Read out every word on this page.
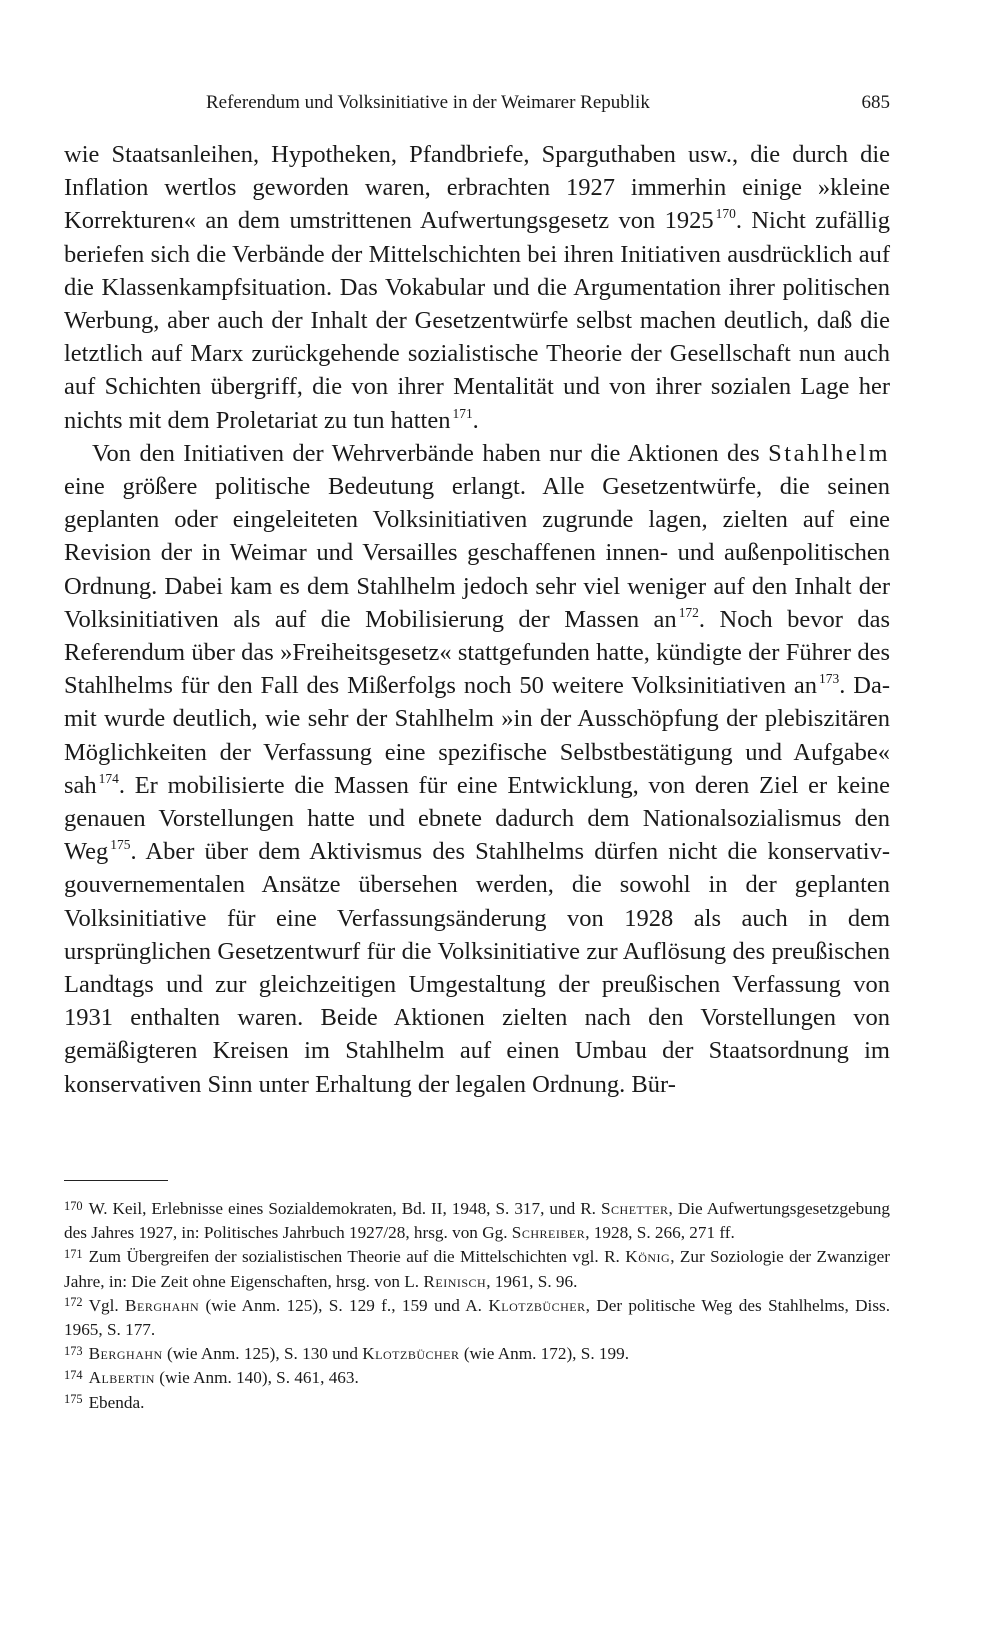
Referendum und Volksinitiative in der Weimarer Republik	685

wie Staatsanleihen, Hypotheken, Pfandbriefe, Sparguthaben usw., die durch die Inflation wertlos geworden waren, erbrachten 1927 immerhin einige »kleine Korrekturen« an dem umstrittenen Aufwertungsgesetz von 1925 $^{170}$. Nicht zufällig beriefen sich die Verbände der Mittelschichten bei ihren Initiativen ausdrücklich auf die Klassenkampfsituation. Das Vokabular und die Argumentation ihrer politischen Werbung, aber auch der Inhalt der Gesetzentwürfe selbst machen deutlich, daß die letztlich auf Marx zurückgehende sozialistische Theorie der Gesellschaft nun auch auf Schichten übergriff, die von ihrer Mentalität und von ihrer sozialen Lage her nichts mit dem Proletariat zu tun hatten $^{171}$.

Von den Initiativen der Wehrverbände haben nur die Aktionen des Stahlhelm eine größere politische Bedeutung erlangt. Alle Gesetzentwürfe, die seinen geplanten oder eingeleiteten Volksinitiativen zugrunde lagen, zielten auf eine Revision der in Weimar und Versailles geschaffenen innen- und außenpolitischen Ordnung. Dabei kam es dem Stahlhelm jedoch sehr viel weniger auf den Inhalt der Volksinitiativen als auf die Mobilisierung der Massen an $^{172}$. Noch bevor das Referendum über das »Freiheitsgesetz« stattgefunden hatte, kündigte der Führer des Stahlhelms für den Fall des Mißerfolgs noch 50 weitere Volksinitiativen an $^{173}$. Damit wurde deutlich, wie sehr der Stahlhelm »in der Ausschöpfung der plebiszitären Möglichkeiten der Verfassung eine spezifische Selbstbestätigung und Aufgabe« sah $^{174}$. Er mobilisierte die Massen für eine Entwicklung, von deren Ziel er keine genauen Vorstellungen hatte und ebnete dadurch dem Nationalsozialismus den Weg $^{175}$. Aber über dem Aktivismus des Stahlhelms dürfen nicht die konservativ-gouvernementalen Ansätze übersehen werden, die sowohl in der geplanten Volksinitiative für eine Verfassungsänderung von 1928 als auch in dem ursprünglichen Gesetzentwurf für die Volksinitiative zur Auflösung des preußischen Landtags und zur gleichzeitigen Umgestaltung der preußischen Verfassung von 1931 enthalten waren. Beide Aktionen zielten nach den Vorstellungen von gemäßigteren Kreisen im Stahlhelm auf einen Umbau der Staatsordnung im konservativen Sinn unter Erhaltung der legalen Ordnung. Bür-

$^{170}$ W. Keil, Erlebnisse eines Sozialdemokraten, Bd. II, 1948, S. 317, und R. Schetter, Die Aufwertungsgesetzgebung des Jahres 1927, in: Politisches Jahrbuch 1927/28, hrsg. von Gg. Schreiber, 1928, S. 266, 271 ff.

$^{171}$ Zum Übergreifen der sozialistischen Theorie auf die Mittelschichten vgl. R. König, Zur Soziologie der Zwanziger Jahre, in: Die Zeit ohne Eigenschaften, hrsg. von L. Reinisch, 1961, S. 96.

$^{172}$ Vgl. Berghahn (wie Anm. 125), S. 129 f., 159 und A. Klotzbücher, Der politische Weg des Stahlhelms, Diss. 1965, S. 177.

$^{173}$ Berghahn (wie Anm. 125), S. 130 und Klotzbücher (wie Anm. 172), S. 199.

$^{174}$ Albertin (wie Anm. 140), S. 461, 463.

$^{175}$ Ebenda.
